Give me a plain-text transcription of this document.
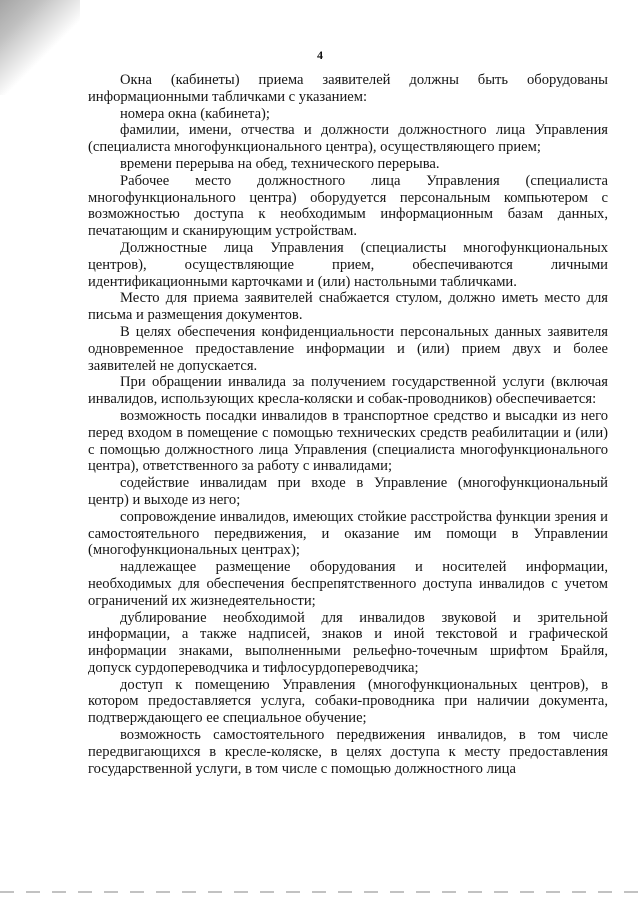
4

Окна (кабинеты) приема заявителей должны быть оборудованы информационными табличками с указанием:

номера окна (кабинета);

фамилии, имени, отчества и должности должностного лица Управления (специалиста многофункционального центра), осуществляющего прием;

времени перерыва на обед, технического перерыва.

Рабочее место должностного лица Управления (специалиста многофункционального центра) оборудуется персональным компьютером с возможностью доступа к необходимым информационным базам данных, печатающим и сканирующим устройствам.

Должностные лица Управления (специалисты многофункциональных центров), осуществляющие прием, обеспечиваются личными идентификационными карточками и (или) настольными табличками.

Место для приема заявителей снабжается стулом, должно иметь место для письма и размещения документов.

В целях обеспечения конфиденциальности персональных данных заявителя одновременное предоставление информации и (или) прием двух и более заявителей не допускается.

При обращении инвалида за получением государственной услуги (включая инвалидов, использующих кресла-коляски и собак-проводников) обеспечивается:

возможность посадки инвалидов в транспортное средство и высадки из него перед входом в помещение с помощью технических средств реабилитации и (или) с помощью должностного лица Управления (специалиста многофункционального центра), ответственного за работу с инвалидами;

содействие инвалидам при входе в Управление (многофункциональный центр) и выходе из него;

сопровождение инвалидов, имеющих стойкие расстройства функции зрения и самостоятельного передвижения, и оказание им помощи в Управлении (многофункциональных центрах);

надлежащее размещение оборудования и носителей информации, необходимых для обеспечения беспрепятственного доступа инвалидов с учетом ограничений их жизнедеятельности;

дублирование необходимой для инвалидов звуковой и зрительной информации, а также надписей, знаков и иной текстовой и графической информации знаками, выполненными рельефно-точечным шрифтом Брайля, допуск сурдопереводчика и тифлосурдопереводчика;

доступ к помещению Управления (многофункциональных центров), в котором предоставляется услуга, собаки-проводника при наличии документа, подтверждающего ее специальное обучение;

возможность самостоятельного передвижения инвалидов, в том числе передвигающихся в кресле-коляске, в целях доступа к месту предоставления государственной услуги, в том числе с помощью должностного лица
